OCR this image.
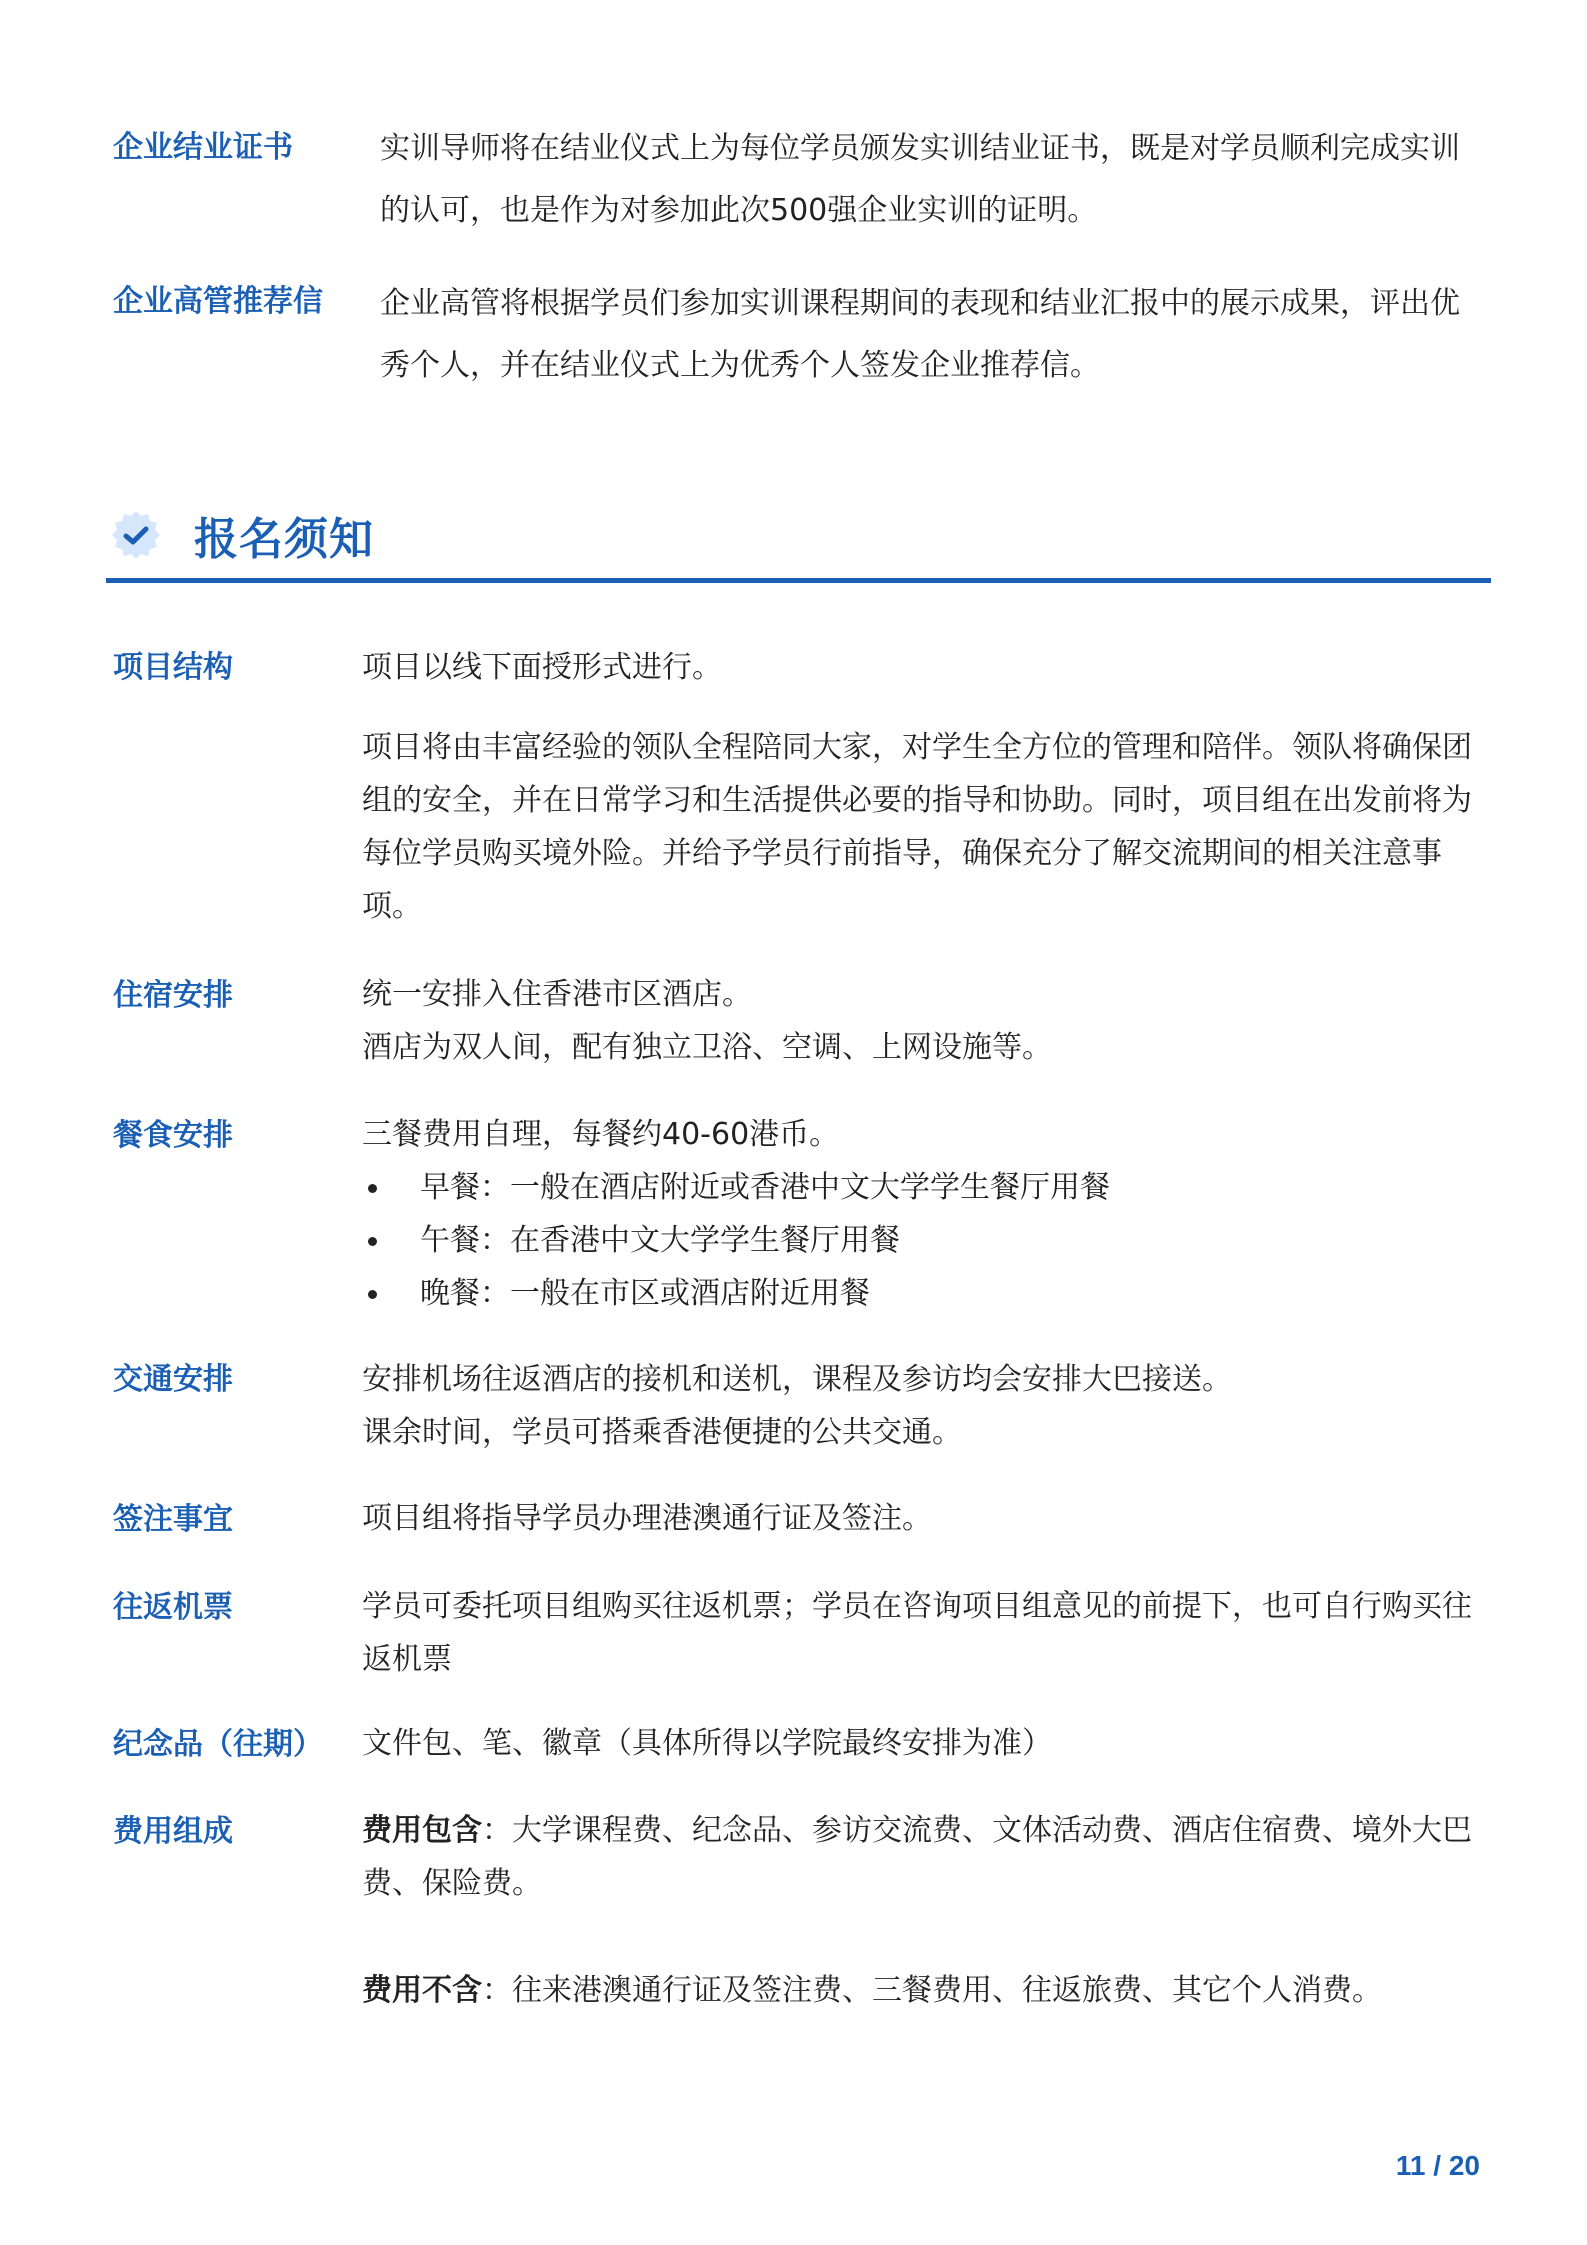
企业结业证书	实训导师将在结业仪式上为每位学员颁发实训结业证书，既是对学员顺利完成实训的认可，也是作为对参加此次500强企业实训的证明。

企业高管推荐信 企业高管将根据学员们参加实训课程期间的表现和结业汇报中的展示成果，评出优秀个人，并在结业仪式上为优秀个人签发企业推荐信。

报名须知
项目结构	项目以线下面授形式进行。

项目将由丰富经验的领队全程陪同大家，对学生全方位的管理和陪伴。领队将确保团组的安全，并在日常学习和生活提供必要的指导和协助。同时，项目组在出发前将为每位学员购买境外险。并给予学员行前指导，确保充分了解交流期间的相关注意事项。

住宿安排	统一安排入住香港市区酒店。

酒店为双人间，配有独立卫浴、空调、上网设施等。

餐食安排	三餐费用自理，每餐约40-60港币。

早餐：一般在酒店附近或香港中文大学学生餐厅用餐
午餐：在香港中文大学学生餐厅用餐
晚餐：一般在市区或酒店附近用餐
交通安排	安排机场往返酒店的接机和送机，课程及参访均会安排大巴接送。

课余时间，学员可搭乘香港便捷的公共交通。

签注事宜	项目组将指导学员办理港澳通行证及签注。

往返机票	学员可委托项目组购买往返机票；学员在咨询项目组意见的前提下，也可自行购买往返机票

纪念品（往期） 文件包、笔、徽章（具体所得以学院最终安排为准）

费用组成	费用包含：大学课程费、纪念品、参访交流费、文体活动费、酒店住宿费、境外大巴费、保险费。

费用不含：往来港澳通行证及签注费、三餐费用、往返旅费、其它个人消费。

11 / 20
